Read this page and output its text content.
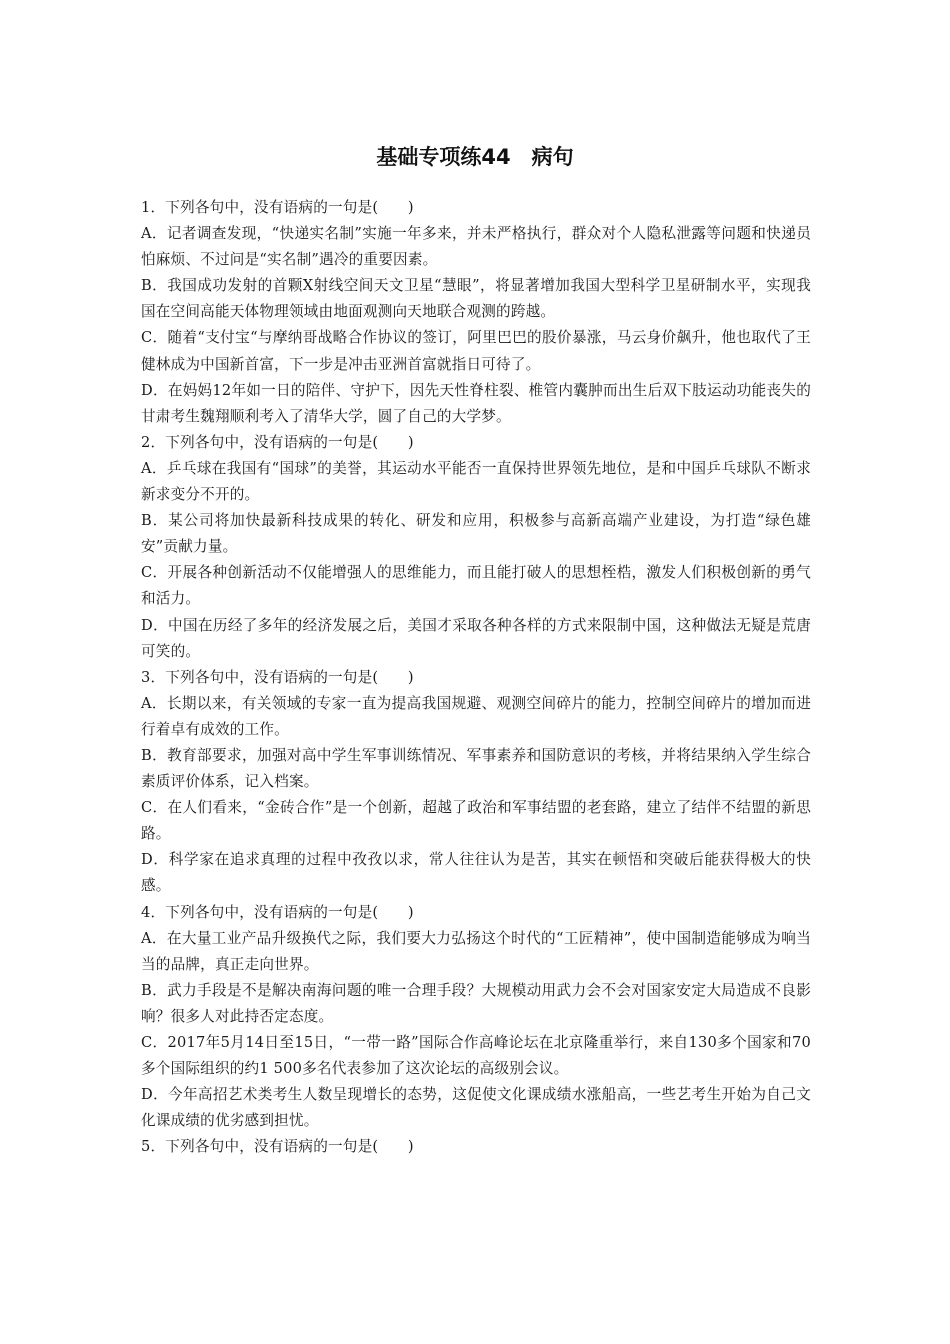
基础专项练44　病句

1．下列各句中，没有语病的一句是(　　)

A．记者调查发现，“快递实名制”实施一年多来，并未严格执行，群众对个人隐私泄露等问题和快递员怕麻烦、不过问是“实名制”遇冷的重要因素。

B．我国成功发射的首颗X射线空间天文卫星“慧眼”，将显著增加我国大型科学卫星研制水平，实现我国在空间高能天体物理领域由地面观测向天地联合观测的跨越。

C．随着“支付宝“与摩纳哥战略合作协议的签订，阿里巴巴的股价暴涨，马云身价飙升，他也取代了王健林成为中国新首富，下一步是冲击亚洲首富就指日可待了。

D．在妈妈12年如一日的陪伴、守护下，因先天性脊柱裂、椎管内囊肿而出生后双下肢运动功能丧失的甘肃考生魏翔顺利考入了清华大学，圆了自己的大学梦。

2．下列各句中，没有语病的一句是(　　)

A．乒乓球在我国有“国球”的美誉，其运动水平能否一直保持世界领先地位，是和中国乒乓球队不断求新求变分不开的。

B．某公司将加快最新科技成果的转化、研发和应用，积极参与高新高端产业建设，为打造“绿色雄安”贡献力量。

C．开展各种创新活动不仅能增强人的思维能力，而且能打破人的思想桎梏，激发人们积极创新的勇气和活力。

D．中国在历经了多年的经济发展之后，美国才采取各种各样的方式来限制中国，这种做法无疑是荒唐可笑的。

3．下列各句中，没有语病的一句是(　　)

A．长期以来，有关领域的专家一直为提高我国规避、观测空间碎片的能力，控制空间碎片的增加而进行着卓有成效的工作。

B．教育部要求，加强对高中学生军事训练情况、军事素养和国防意识的考核，并将结果纳入学生综合素质评价体系，记入档案。

C．在人们看来，“金砖合作”是一个创新，超越了政治和军事结盟的老套路，建立了结伴不结盟的新思路。

D．科学家在追求真理的过程中孜孜以求，常人往往认为是苦，其实在顿悟和突破后能获得极大的快感。

4．下列各句中，没有语病的一句是(　　)

A．在大量工业产品升级换代之际，我们要大力弘扬这个时代的“工匠精神”，使中国制造能够成为响当当的品牌，真正走向世界。

B．武力手段是不是解决南海问题的唯一合理手段？大规模动用武力会不会对国家安定大局造成不良影响？很多人对此持否定态度。

C．2017年5月14日至15日，“一带一路”国际合作高峰论坛在北京隆重举行，来自130多个国家和70多个国际组织的约1 500多名代表参加了这次论坛的高级别会议。

D．今年高招艺术类考生人数呈现增长的态势，这促使文化课成绩水涨船高，一些艺考生开始为自己文化课成绩的优劣感到担忧。

5．下列各句中，没有语病的一句是(　　)
